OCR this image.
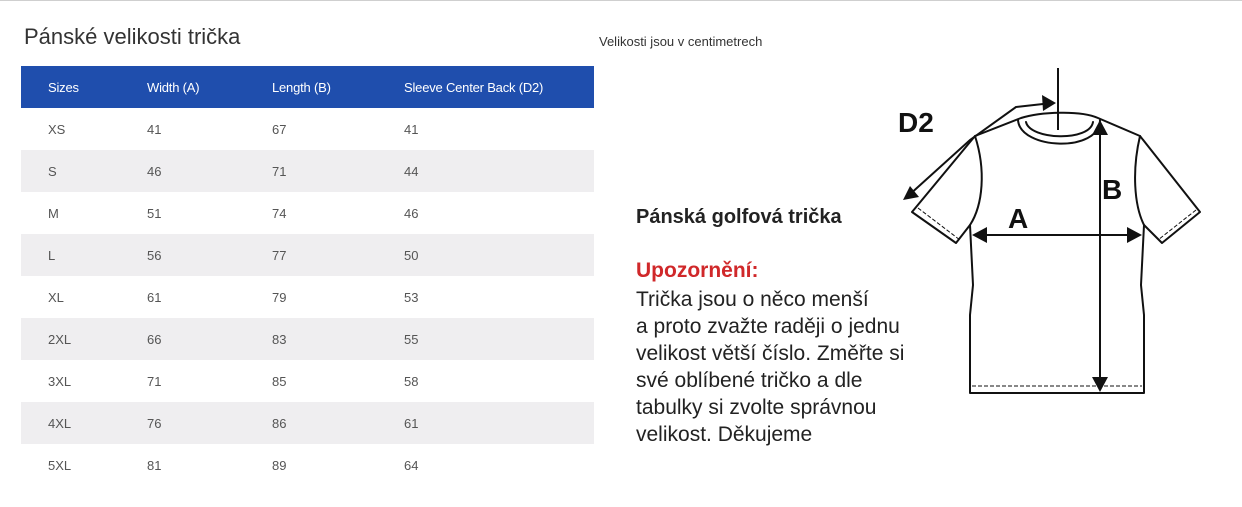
Pánské velikosti trička	Velikosti jsou v centimetrech
Sizes	Width (A)	Length (B)	Sleeve Center Back (D2)
XS	41	67	41
S	46	71	44
M	51	74	46
L	56	77	50
XL	61	79	53
2XL	66	83	55
3XL	71	85	58
4XL	76	86	61
5XL	81	89	64
Pánská golfová trička
Upozornění:
Trička jsou o něco menší
a proto zvažte raději o jednu
velikost větší číslo. Změřte si
své oblíbené tričko a dle
tabulky si zvolte správnou
velikost. Děkujeme
D2
A
B
